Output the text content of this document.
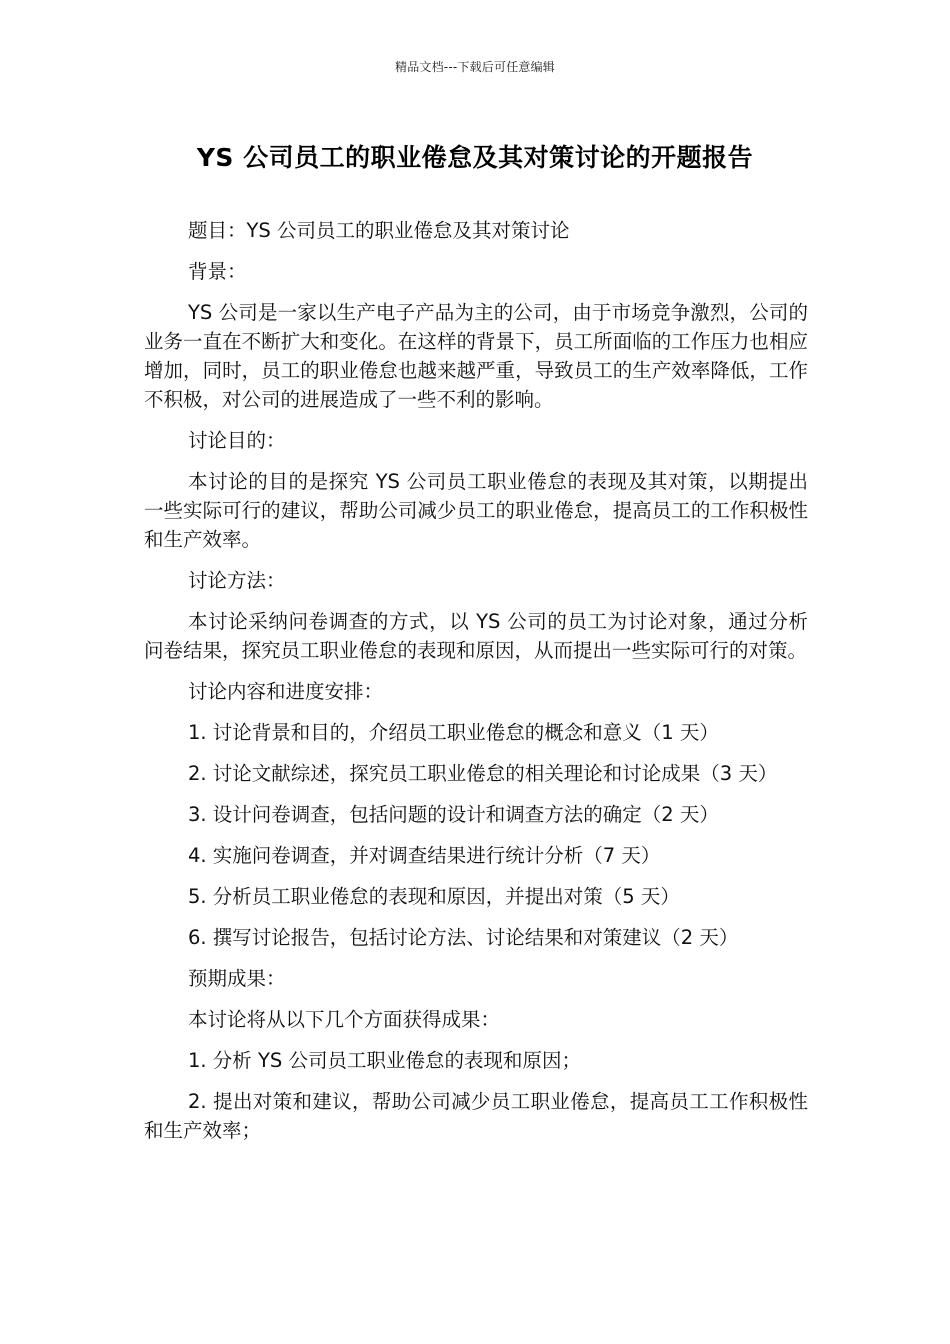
精品文档---下载后可任意编辑
YS 公司员工的职业倦怠及其对策讨论的开题报告

题目：YS 公司员工的职业倦怠及其对策讨论

背景：

YS 公司是一家以生产电子产品为主的公司，由于市场竞争激烈，公司的业务一直在不断扩大和变化。在这样的背景下，员工所面临的工作压力也相应增加，同时，员工的职业倦怠也越来越严重，导致员工的生产效率降低，工作不积极，对公司的进展造成了一些不利的影响。

讨论目的：

本讨论的目的是探究 YS 公司员工职业倦怠的表现及其对策，以期提出一些实际可行的建议，帮助公司减少员工的职业倦怠，提高员工的工作积极性和生产效率。

讨论方法：

本讨论采纳问卷调查的方式，以 YS 公司的员工为讨论对象，通过分析问卷结果，探究员工职业倦怠的表现和原因，从而提出一些实际可行的对策。

讨论内容和进度安排：

1. 讨论背景和目的，介绍员工职业倦怠的概念和意义（1 天）

2. 讨论文献综述，探究员工职业倦怠的相关理论和讨论成果（3 天）

3. 设计问卷调查，包括问题的设计和调查方法的确定（2 天）

4. 实施问卷调查，并对调查结果进行统计分析（7 天）

5. 分析员工职业倦怠的表现和原因，并提出对策（5 天）

6. 撰写讨论报告，包括讨论方法、讨论结果和对策建议（2 天）

预期成果：

本讨论将从以下几个方面获得成果：

1. 分析 YS 公司员工职业倦怠的表现和原因；

2. 提出对策和建议，帮助公司减少员工职业倦怠，提高员工工作积极性和生产效率；
